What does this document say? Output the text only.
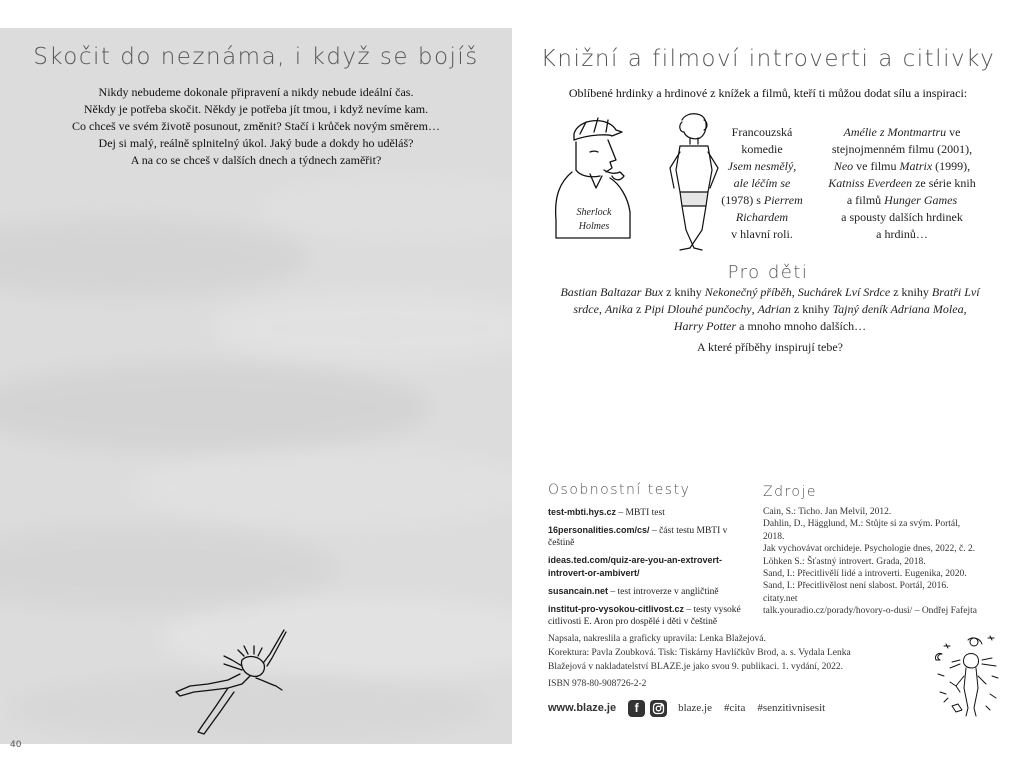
40
Skočit do neznáma, i když se bojíš
Nikdy nebudeme dokonale připravení a nikdy nebude ideální čas.
Někdy je potřeba skočit. Někdy je potřeba jít tmou, i když nevíme kam.
Co chceš ve svém životě posunout, změnit? Stačí i krůček novým směrem…
Dej si malý, reálně splnitelný úkol. Jaký bude a dokdy ho uděláš?
A na co se chceš v dalších dnech a týdnech zaměřit?
Knižní a filmoví introverti a citlivky
Oblíbené hrdinky a hrdinové z knížek a filmů, kteří ti můžou dodat sílu a inspiraci:
Sherlock
Holmes
Francouzská
komedie
Jsem nesmělý,
ale léčím se
(1978) s Pierrem
Richardem
v hlavní roli.
Amélie z Montmartru ve
stejnojmenném filmu (2001),
Neo ve filmu Matrix (1999),
Katniss Everdeen ze série knih
a filmů Hunger Games
a spousty dalších hrdinek
a hrdinů…
Pro děti
Bastian Baltazar Bux z knihy Nekonečný příběh, Suchárek Lví Srdce z knihy Bratři Lví
srdce, Anika z Pipi Dlouhé punčochy, Adrian z knihy Tajný deník Adriana Molea,
Harry Potter a mnoho mnoho dalších…
A které příběhy inspirují tebe?
Osobnostní testy	Zdroje
test-mbti.hys.cz – MBTI test
16personalities.com/cs/ – část testu MBTI v češtině
ideas.ted.com/quiz-are-you-an-extrovert-introvert-or-ambivert/
susancain.net – test introverze v angličtině
institut-pro-vysokou-citlivost.cz – testy vysoké citlivosti E. Aron pro dospělé i děti v češtině
Cain, S.: Ticho. Jan Melvil, 2012.
Dahlin, D., Hägglund, M.: Stůjte si za svým. Portál,
2018.
Jak vychovávat orchideje. Psychologie dnes, 2022, č. 2.
Löhken S.: Šťastný introvert. Grada, 2018.
Sand, I.: Přecitlivělí lidé a introverti. Eugenika, 2020.
Sand, I.: Přecitlivělost není slabost. Portál, 2016.
citaty.net
talk.youradio.cz/porady/hovory-o-dusi/ – Ondřej Fafejta
Napsala, nakreslila a graficky upravila: Lenka Blažejová.
Korektura: Pavla Zoubková. Tisk: Tiskárny Havlíčkův Brod, a. s. Vydala Lenka
Blažejová v nakladatelství BLAZE.je jako svou 9. publikaci. 1. vydání, 2022.
ISBN 978-80-908726-2-2
www.blaze.je	f	blaze.je #cita #senzitivnisesit
